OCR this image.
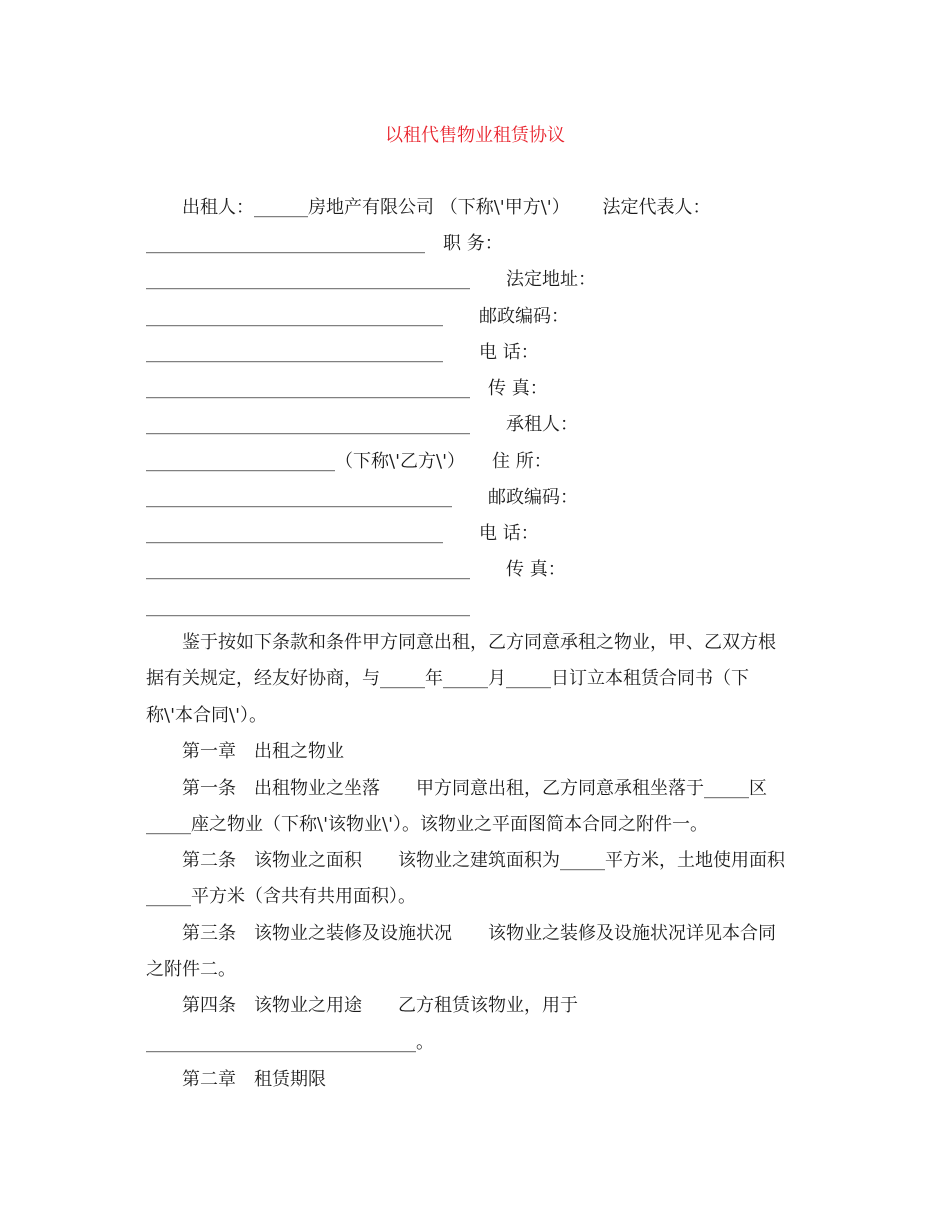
以租代售物业租赁协议
出租人：______房地产有限公司 （下称\'甲方\'）　　 法定代表人：
_______________________________　职 务：
____________________________________　　法定地址：
_________________________________　　邮政编码：
_________________________________　　电 话：
____________________________________　传 真：
____________________________________　　承租人：
_____________________（下称\'乙方\'）　　住 所：
__________________________________　　邮政编码：
_________________________________　　电 话：
____________________________________　　传 真：
____________________________________
鉴于按如下条款和条件甲方同意出租，乙方同意承租之物业，甲、乙双方根
据有关规定，经友好协商，与_____年_____月_____日订立本租赁合同书（下
称\'本合同\'）。
第一章　出租之物业
第一条　出租物业之坐落　　甲方同意出租，乙方同意承租坐落于_____区
_____座之物业（下称\'该物业\'）。该物业之平面图简本合同之附件一。
第二条　该物业之面积　　该物业之建筑面积为_____平方米，土地使用面积
_____平方米（含共有共用面积）。
第三条　该物业之装修及设施状况　　该物业之装修及设施状况详见本合同
之附件二。
第四条　该物业之用途　　乙方租赁该物业，用于
______________________________。
第二章　租赁期限
